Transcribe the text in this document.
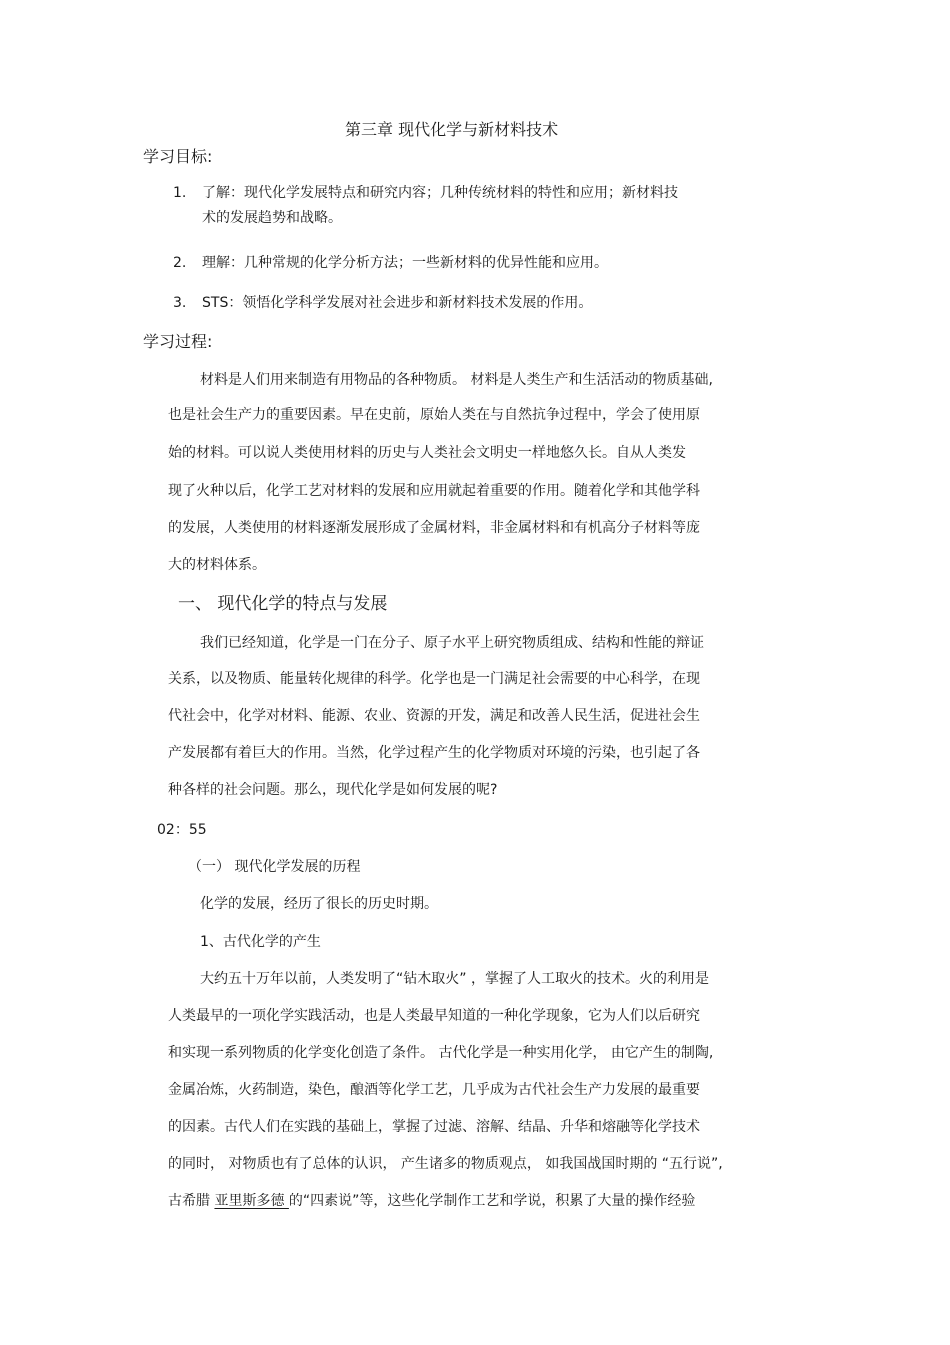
第三章 现代化学与新材料技术
学习目标:
1. 了解：现代化学发展特点和研究内容；几种传统材料的特性和应用；新材料技
术的发展趋势和战略。
2. 理解：几种常规的化学分析方法；一些新材料的优异性能和应用。
3. STS：领悟化学科学发展对社会进步和新材料技术发展的作用。
学习过程:
材料是人们用来制造有用物品的各种物质。 材料是人类生产和生活活动的物质基础,
也是社会生产力的重要因素。早在史前，原始人类在与自然抗争过程中，学会了使用原
始的材料。可以说人类使用材料的历史与人类社会文明史一样地悠久长。自从人类发
现了火种以后，化学工艺对材料的发展和应用就起着重要的作用。随着化学和其他学科
的发展，人类使用的材料逐渐发展形成了金属材料，非金属材料和有机高分子材料等庞
大的材料体系。
一、 现代化学的特点与发展
我们已经知道，化学是一门在分子、原子水平上研究物质组成、结构和性能的辩证
关系，以及物质、能量转化规律的科学。化学也是一门满足社会需要的中心科学，在现
代社会中，化学对材料、能源、农业、资源的开发，满足和改善人民生活，促进社会生
产发展都有着巨大的作用。当然，化学过程产生的化学物质对环境的污染，也引起了各
种各样的社会问题。那么，现代化学是如何发展的呢?
02：55
（一） 现代化学发展的历程
化学的发展，经历了很长的历史时期。
1、古代化学的产生
大约五十万年以前，人类发明了“钻木取火” ，掌握了人工取火的技术。火的利用是
人类最早的一项化学实践活动，也是人类最早知道的一种化学现象，它为人们以后研究
和实现一系列物质的化学变化创造了条件。 古代化学是一种实用化学， 由它产生的制陶,
金属冶炼，火药制造，染色，酿酒等化学工艺，几乎成为古代社会生产力发展的最重要
的因素。古代人们在实践的基础上，掌握了过滤、溶解、结晶、升华和熔融等化学技术
的同时， 对物质也有了总体的认识， 产生诸多的物质观点， 如我国战国时期的 “五行说”,
古希腊 亚里斯多德 的“四素说”等，这些化学制作工艺和学说，积累了大量的操作经验
